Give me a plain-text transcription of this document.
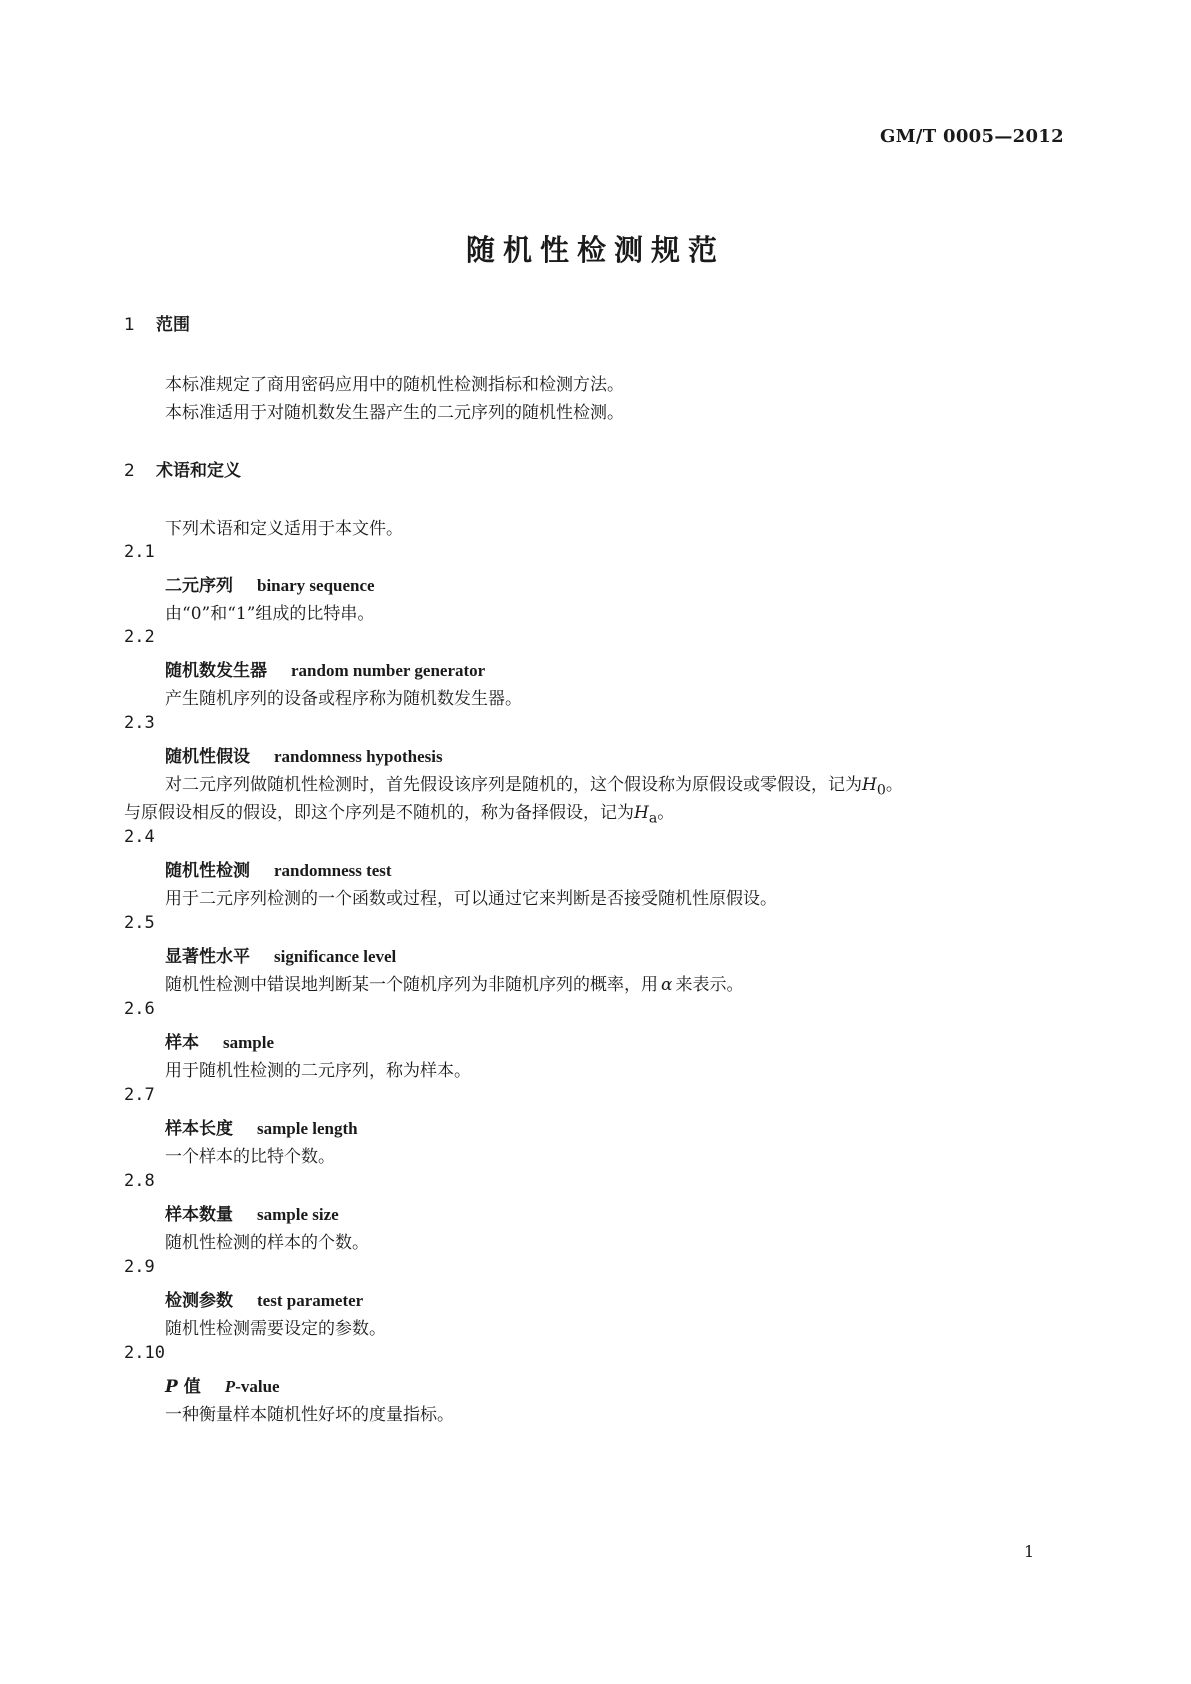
GM/T 0005—2012
随机性检测规范
1 范围
本标准规定了商用密码应用中的随机性检测指标和检测方法。
本标准适用于对随机数发生器产生的二元序列的随机性检测。
2 术语和定义
下列术语和定义适用于本文件。
2.1
二元序列 binary sequence
由“0”和“1”组成的比特串。
2.2
随机数发生器 random number generator
产生随机序列的设备或程序称为随机数发生器。
2.3
随机性假设 randomness hypothesis
对二元序列做随机性检测时，首先假设该序列是随机的，这个假设称为原假设或零假设，记为$H_0$。
与原假设相反的假设，即这个序列是不随机的，称为备择假设，记为$H_a$。
2.4
随机性检测 randomness test
用于二元序列检测的一个函数或过程，可以通过它来判断是否接受随机性原假设。
2.5
显著性水平 significance level
随机性检测中错误地判断某一个随机序列为非随机序列的概率，用 α 来表示。
2.6
样本 sample
用于随机性检测的二元序列，称为样本。
2.7
样本长度 sample length
一个样本的比特个数。
2.8
样本数量 sample size
随机性检测的样本的个数。
2.9
检测参数 test parameter
随机性检测需要设定的参数。
2.10
P 值 P-value
一种衡量样本随机性好坏的度量指标。
1
